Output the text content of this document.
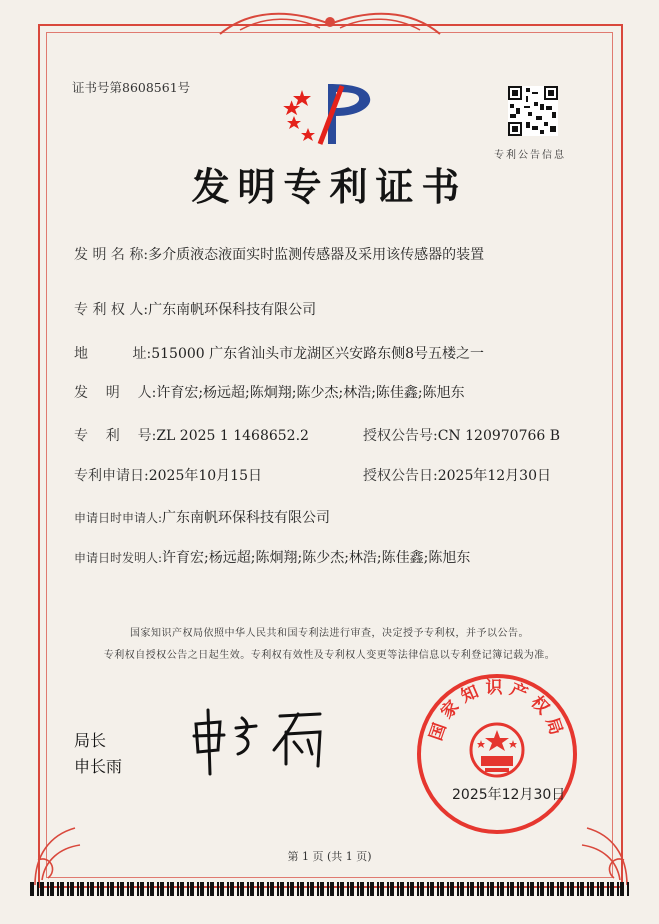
证书号第8608561号
专利公告信息
发明专利证书
发 明 名 称:多介质液态液面实时监测传感器及采用该传感器的装置
专 利 权 人:广东南帆环保科技有限公司
地          址:515000 广东省汕头市龙湖区兴安路东侧8号五楼之一
发    明    人:许育宏;杨远超;陈炯翔;陈少杰;林浩;陈佳鑫;陈旭东
专    利    号:ZL 2025 1 1468652.2	授权公告号:CN 120970766 B
专利申请日:2025年10月15日	授权公告日:2025年12月30日
申请日时申请人:广东南帆环保科技有限公司
申请日时发明人:许育宏;杨远超;陈炯翔;陈少杰;林浩;陈佳鑫;陈旭东
国家知识产权局依照中华人民共和国专利法进行审查，决定授予专利权，并予以公告。
专利权自授权公告之日起生效。专利权有效性及专利权人变更等法律信息以专利登记簿记载为准。
局长
申长雨
国家知识产权局
2025年12月30日
第 1 页 (共 1 页)
